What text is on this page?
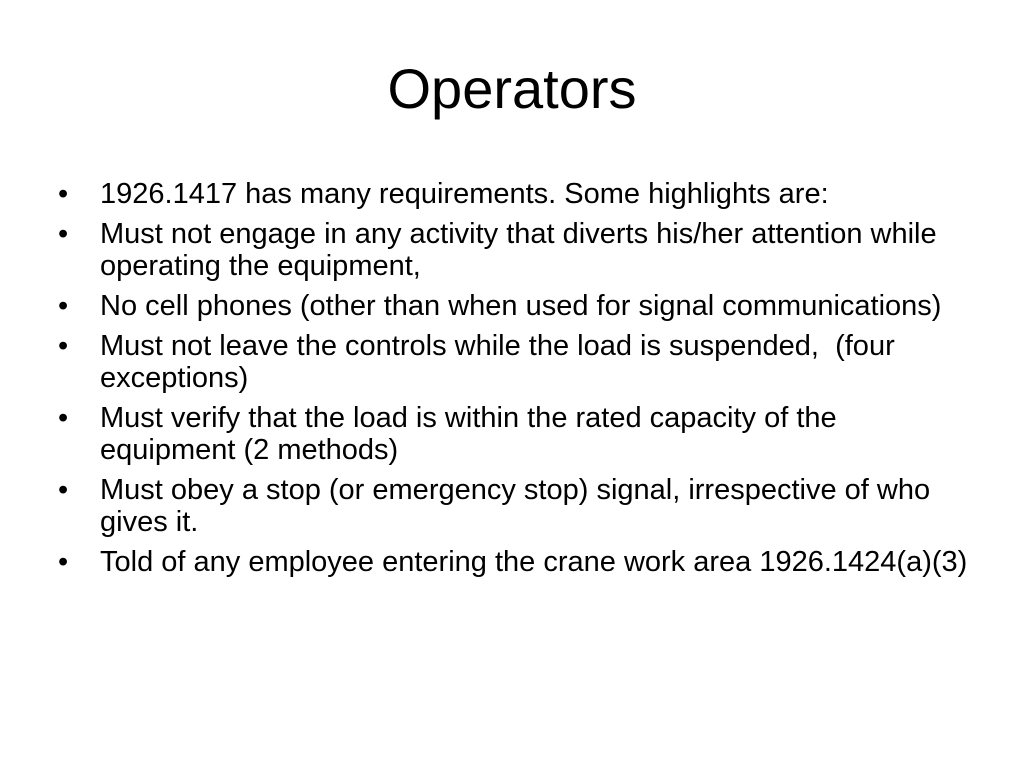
Operators
•	1926.1417 has many requirements. Some highlights are:
•	Must not engage in any activity that diverts his/her attention while operating the equipment,
•	No cell phones (other than when used for signal communications)
•	Must not leave the controls while the load is suspended,  (four exceptions)
•	Must verify that the load is within the rated capacity of the equipment (2 methods)
•	Must obey a stop (or emergency stop) signal, irrespective of who gives it.
•	Told of any employee entering the crane work area 1926.1424(a)(3)
